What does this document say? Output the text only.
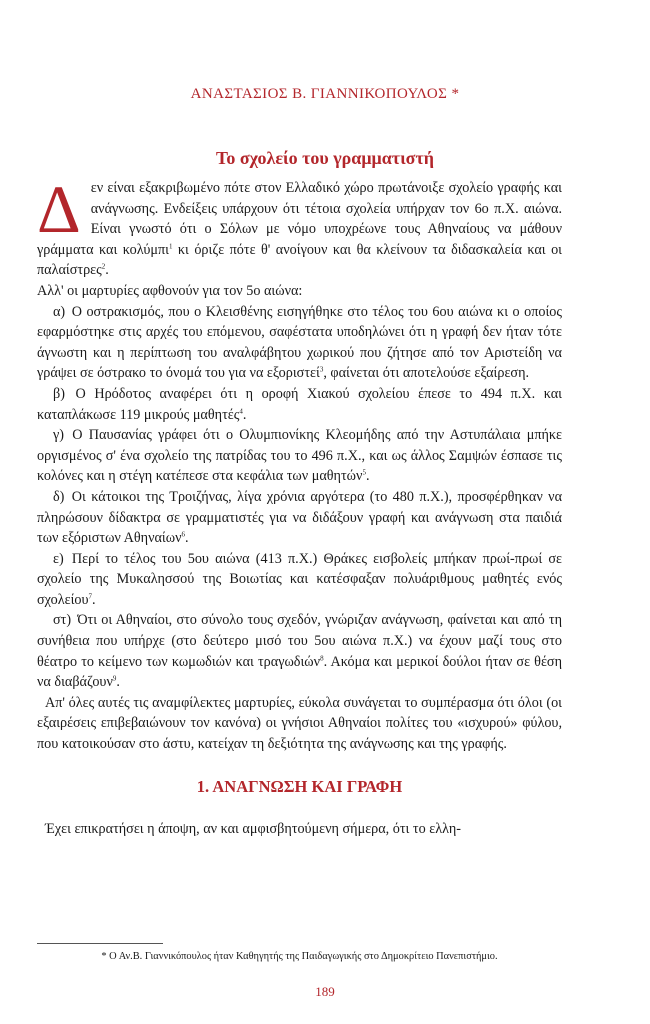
ΑΝΑΣΤΑΣΙΟΣ Β. ΓΙΑΝΝΙΚΟΠΟΥΛΟΣ *
Το σχολείο του γραμματιστή

Δεν είναι εξακριβωμένο πότε στον Ελλαδικό χώρο πρωτάνοιξε σχολείο γραφής και ανάγνωσης. Ενδείξεις υπάρχουν ότι τέτοια σχολεία υπήρχαν τον 6ο π.Χ. αιώνα. Είναι γνωστό ότι ο Σόλων με νόμο υποχρέωνε τους Αθηναίους να μάθουν γράμματα και κολύμπι$^1$ κι όριζε πότε θ' ανοίγουν και θα κλείνουν τα διδασκαλεία και οι παλαίστρες$^2$.

Αλλ' οι μαρτυρίες αφθονούν για τον 5ο αιώνα:

α) Ο οστρακισμός, που ο Κλεισθένης εισηγήθηκε στο τέλος του 6ου αιώνα κι ο οποίος εφαρμόστηκε στις αρχές του επόμενου, σαφέστατα υποδηλώνει ότι η γραφή δεν ήταν τότε άγνωστη και η περίπτωση του αναλφάβητου χωρικού που ζήτησε από τον Αριστείδη να γράψει σε όστρακο το όνομά του για να εξοριστεί$^3$, φαίνεται ότι αποτελούσε εξαίρεση.

β) Ο Ηρόδοτος αναφέρει ότι η οροφή Χιακού σχολείου έπεσε το 494 π.Χ. και καταπλάκωσε 119 μικρούς μαθητές$^4$.

γ) Ο Παυσανίας γράφει ότι ο Ολυμπιονίκης Κλεομήδης από την Αστυπάλαια μπήκε οργισμένος σ' ένα σχολείο της πατρίδας του το 496 π.Χ., και ως άλλος Σαμψών έσπασε τις κολόνες και η στέγη κατέπεσε στα κεφάλια των μαθητών$^5$.

δ) Οι κάτοικοι της Τροιζήνας, λίγα χρόνια αργότερα (το 480 π.Χ.), προσφέρθηκαν να πληρώσουν δίδακτρα σε γραμματιστές για να διδάξουν γραφή και ανάγνωση στα παιδιά των εξόριστων Αθηναίων$^6$.

ε) Περί το τέλος του 5ου αιώνα (413 π.Χ.) Θράκες εισβολείς μπήκαν πρωί-πρωί σε σχολείο της Μυκαλησσού της Βοιωτίας και κατέσφαξαν πολυάριθμους μαθητές ενός σχολείου$^7$.

στ) Ότι οι Αθηναίοι, στο σύνολο τους σχεδόν, γνώριζαν ανάγνωση, φαίνεται και από τη συνήθεια που υπήρχε (στο δεύτερο μισό του 5ου αιώνα π.Χ.) να έχουν μαζί τους στο θέατρο το κείμενο των κωμωδιών και τραγωδιών$^8$. Ακόμα και μερικοί δούλοι ήταν σε θέση να διαβάζουν$^9$.

Απ' όλες αυτές τις αναμφίλεκτες μαρτυρίες, εύκολα συνάγεται το συμπέρασμα ότι όλοι (οι εξαιρέσεις επιβεβαιώνουν τον κανόνα) οι γνήσιοι Αθηναίοι πολίτες του «ισχυρού» φύλου, που κατοικούσαν στο άστυ, κατείχαν τη δεξιότητα της ανάγνωσης και της γραφής.

1. ΑΝΑΓΝΩΣΗ ΚΑΙ ΓΡΑΦΗ

Έχει επικρατήσει η άποψη, αν και αμφισβητούμενη σήμερα, ότι το ελλη-

* Ο Αν.Β. Γιαννικόπουλος ήταν Καθηγητής της Παιδαγωγικής στο Δημοκρίτειο Πανεπιστήμιο.
189
